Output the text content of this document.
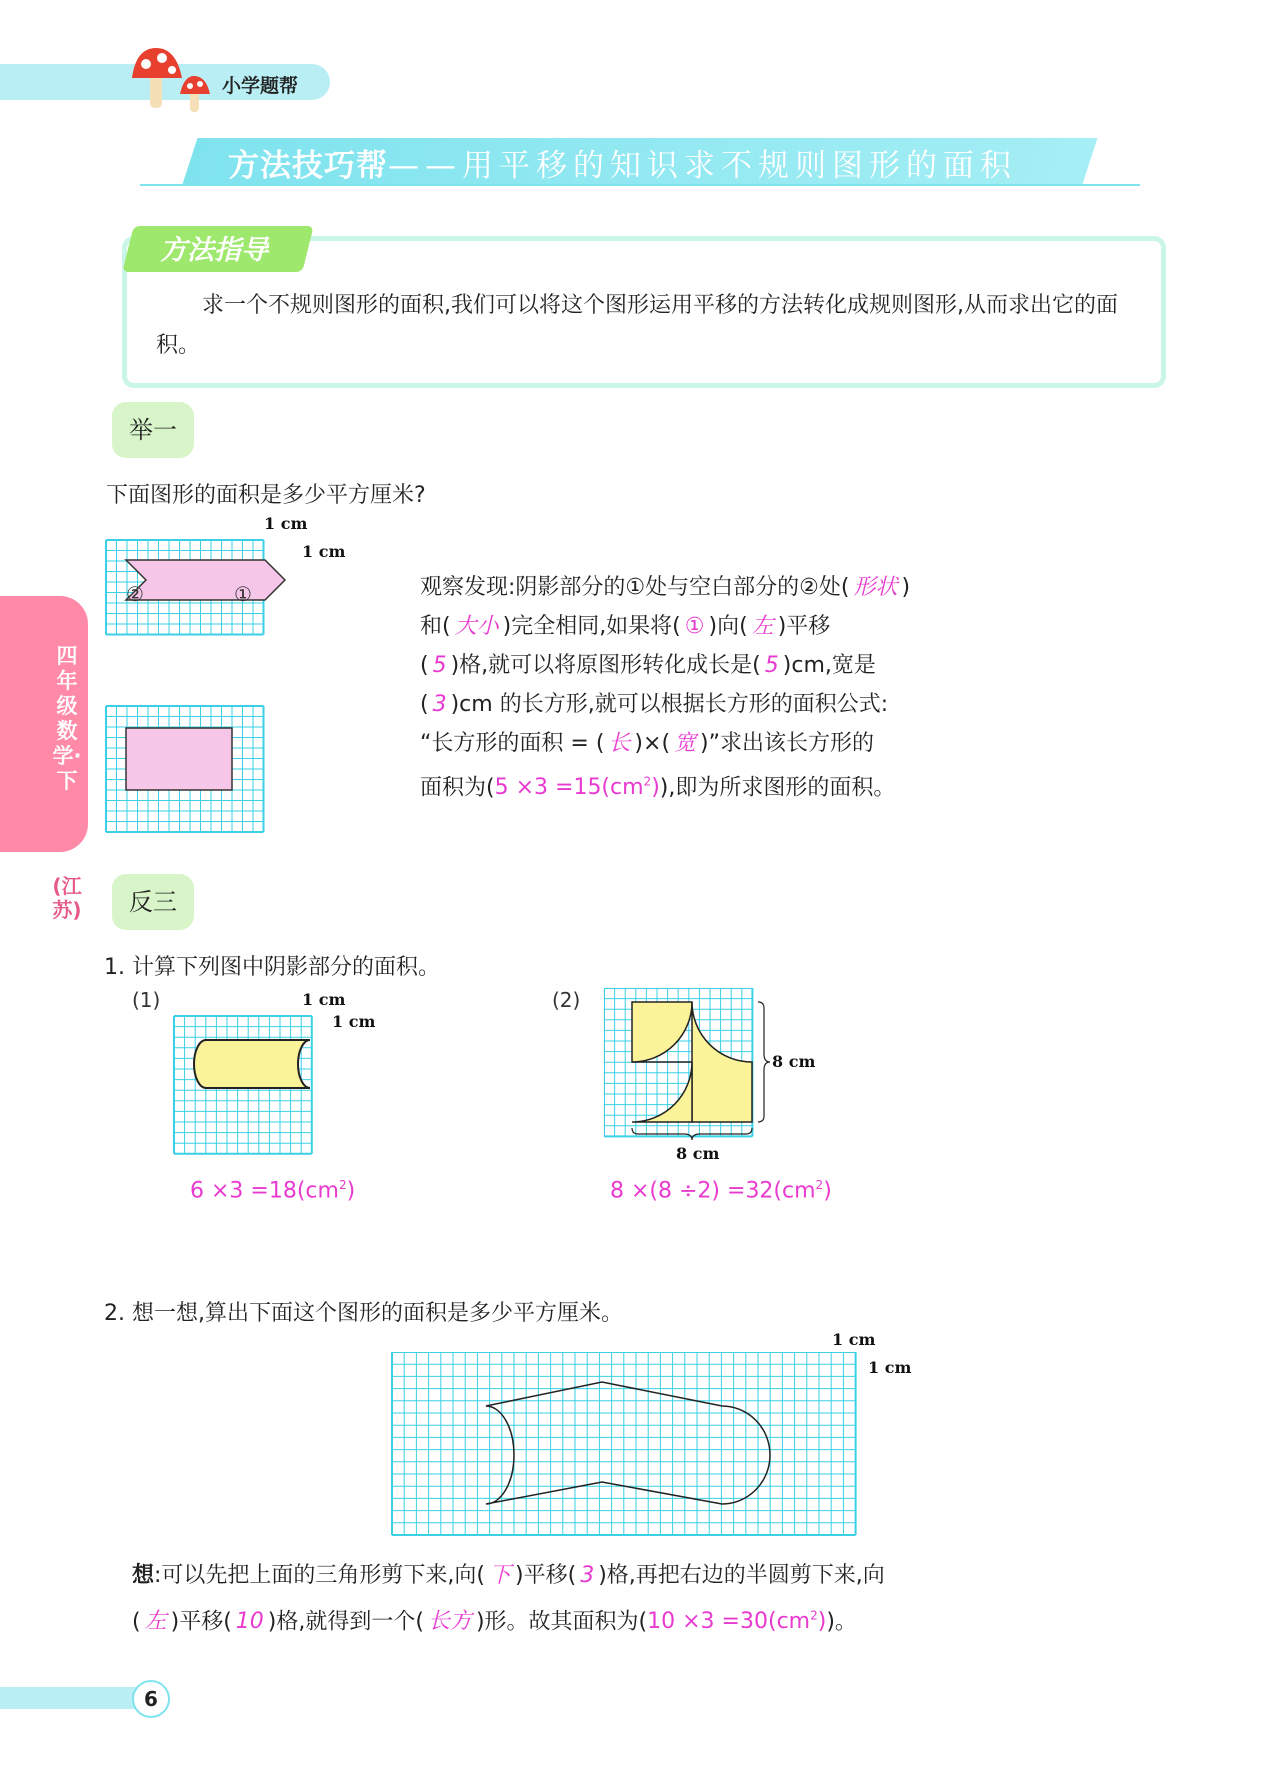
小学题帮
方法技巧帮——用平移的知识求不规则图形的面积
方法指导
求一个不规则图形的面积,我们可以将这个图形运用平移的方法转化成规则图形,从而求出它的面积。
四年级数学·下
(江苏)
举一
下面图形的面积是多少平方厘米?
1 cm
1 cm
②	①	观察发现:阴影部分的①处与空白部分的②处( 形状 )
和( 大小 )完全相同,如果将( ① )向( 左 )平移
( 5 )格,就可以将原图形转化成长是( 5 )cm,宽是
( 3 )cm 的长方形,就可以根据长方形的面积公式:
“长方形的面积 = ( 长 )×( 宽 )”求出该长方形的
面积为$(5 \times 3 =15(cm^2))$,即为所求图形的面积。
反三
1. 计算下列图中阴影部分的面积。
(1)	1 cm
1 cm
$6 \times 3 =18(cm^2)$
(2)
8 cm
8 cm
$8 \times(8 \div 2) =32(cm^2)$
2. 想一想,算出下面这个图形的面积是多少平方厘米。
1 cm
1 cm
想:可以先把上面的三角形剪下来,向( 下 )平移( 3 )格,再把右边的半圆剪下来,向
( 左 )平移( 10 )格,就得到一个( 长方 )形。故其面积为$(10 \times 3 =30(cm^2))$。
6
